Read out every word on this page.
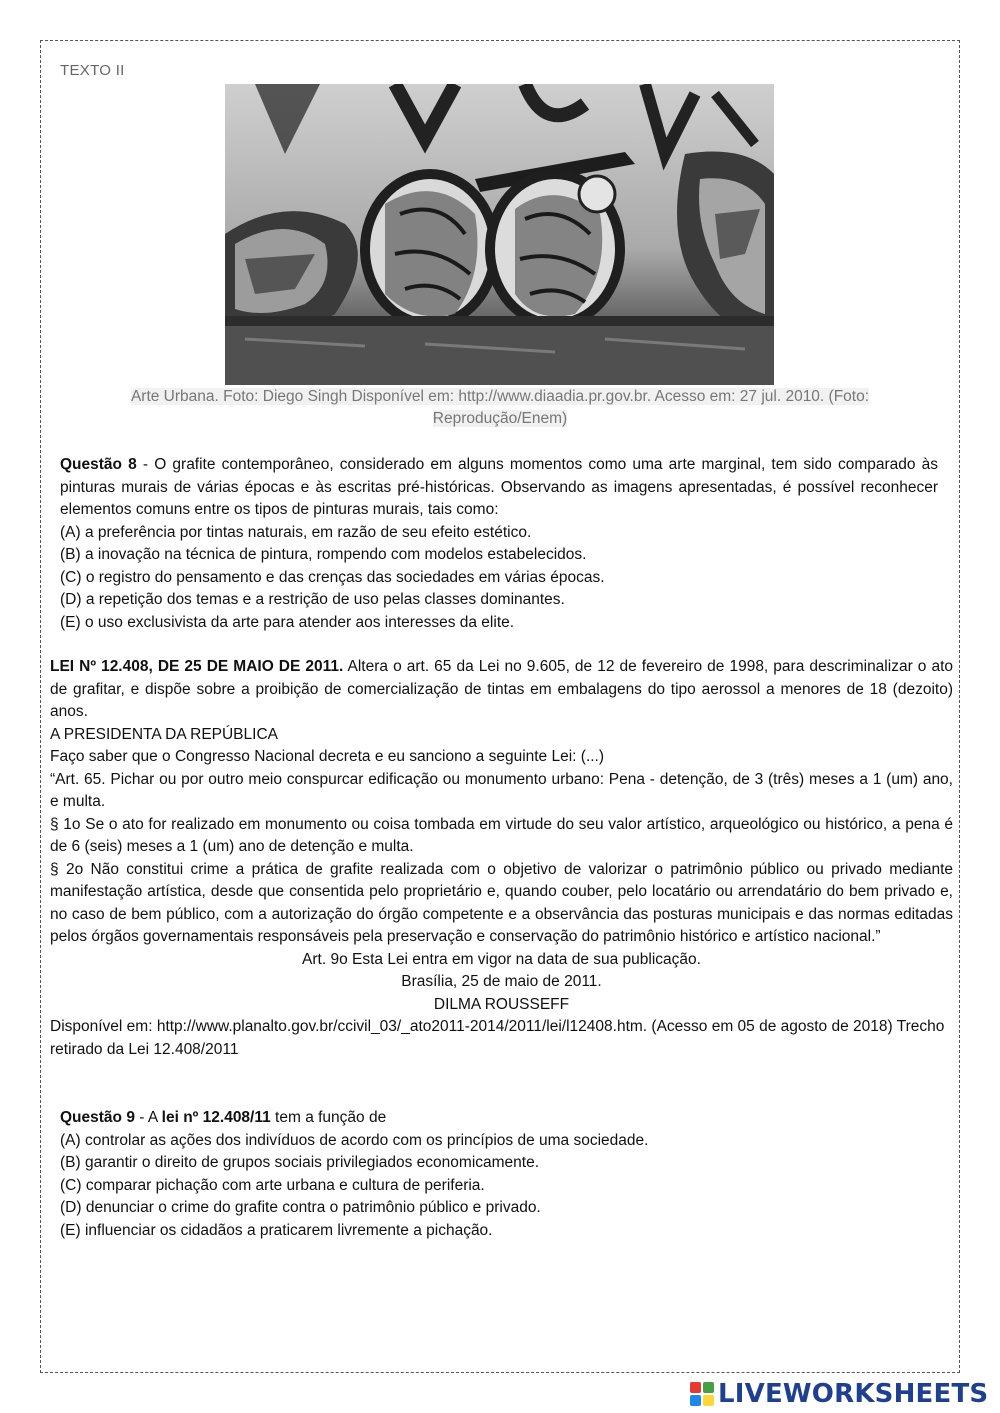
TEXTO II
Arte Urbana. Foto: Diego Singh Disponível em: http://www.diaadia.pr.gov.br. Acesso em: 27 jul. 2010. (Foto: Reprodução/Enem)

Questão 8 - O grafite contemporâneo, considerado em alguns momentos como uma arte marginal, tem sido comparado às pinturas murais de várias épocas e às escritas pré-históricas. Observando as imagens apresentadas, é possível reconhecer elementos comuns entre os tipos de pinturas murais, tais como:

(A) a preferência por tintas naturais, em razão de seu efeito estético.

(B) a inovação na técnica de pintura, rompendo com modelos estabelecidos.

(C) o registro do pensamento e das crenças das sociedades em várias épocas.

(D) a repetição dos temas e a restrição de uso pelas classes dominantes.

(E) o uso exclusivista da arte para atender aos interesses da elite.

LEI Nº 12.408, DE 25 DE MAIO DE 2011. Altera o art. 65 da Lei no 9.605, de 12 de fevereiro de 1998, para descriminalizar o ato de grafitar, e dispõe sobre a proibição de comercialização de tintas em embalagens do tipo aerossol a menores de 18 (dezoito) anos.

A PRESIDENTA DA REPÚBLICA

Faço saber que o Congresso Nacional decreta e eu sanciono a seguinte Lei: (...)

“Art. 65. Pichar ou por outro meio conspurcar edificação ou monumento urbano: Pena - detenção, de 3 (três) meses a 1 (um) ano, e multa.

§ 1o Se o ato for realizado em monumento ou coisa tombada em virtude do seu valor artístico, arqueológico ou histórico, a pena é de 6 (seis) meses a 1 (um) ano de detenção e multa.

§ 2o Não constitui crime a prática de grafite realizada com o objetivo de valorizar o patrimônio público ou privado mediante manifestação artística, desde que consentida pelo proprietário e, quando couber, pelo locatário ou arrendatário do bem privado e, no caso de bem público, com a autorização do órgão competente e a observância das posturas municipais e das normas editadas pelos órgãos governamentais responsáveis pela preservação e conservação do patrimônio histórico e artístico nacional.”

Art. 9o Esta Lei entra em vigor na data de sua publicação.

Brasília, 25 de maio de 2011.

DILMA ROUSSEFF

Disponível em: http://www.planalto.gov.br/ccivil_03/_ato2011-2014/2011/lei/l12408.htm. (Acesso em 05 de agosto de 2018) Trecho retirado da Lei 12.408/2011

Questão 9 - A lei nº 12.408/11 tem a função de

(A) controlar as ações dos indivíduos de acordo com os princípios de uma sociedade.

(B) garantir o direito de grupos sociais privilegiados economicamente.

(C) comparar pichação com arte urbana e cultura de periferia.

(D) denunciar o crime do grafite contra o patrimônio público e privado.

(E) influenciar os cidadãos a praticarem livremente a pichação.

LIVEWORKSHEETS
